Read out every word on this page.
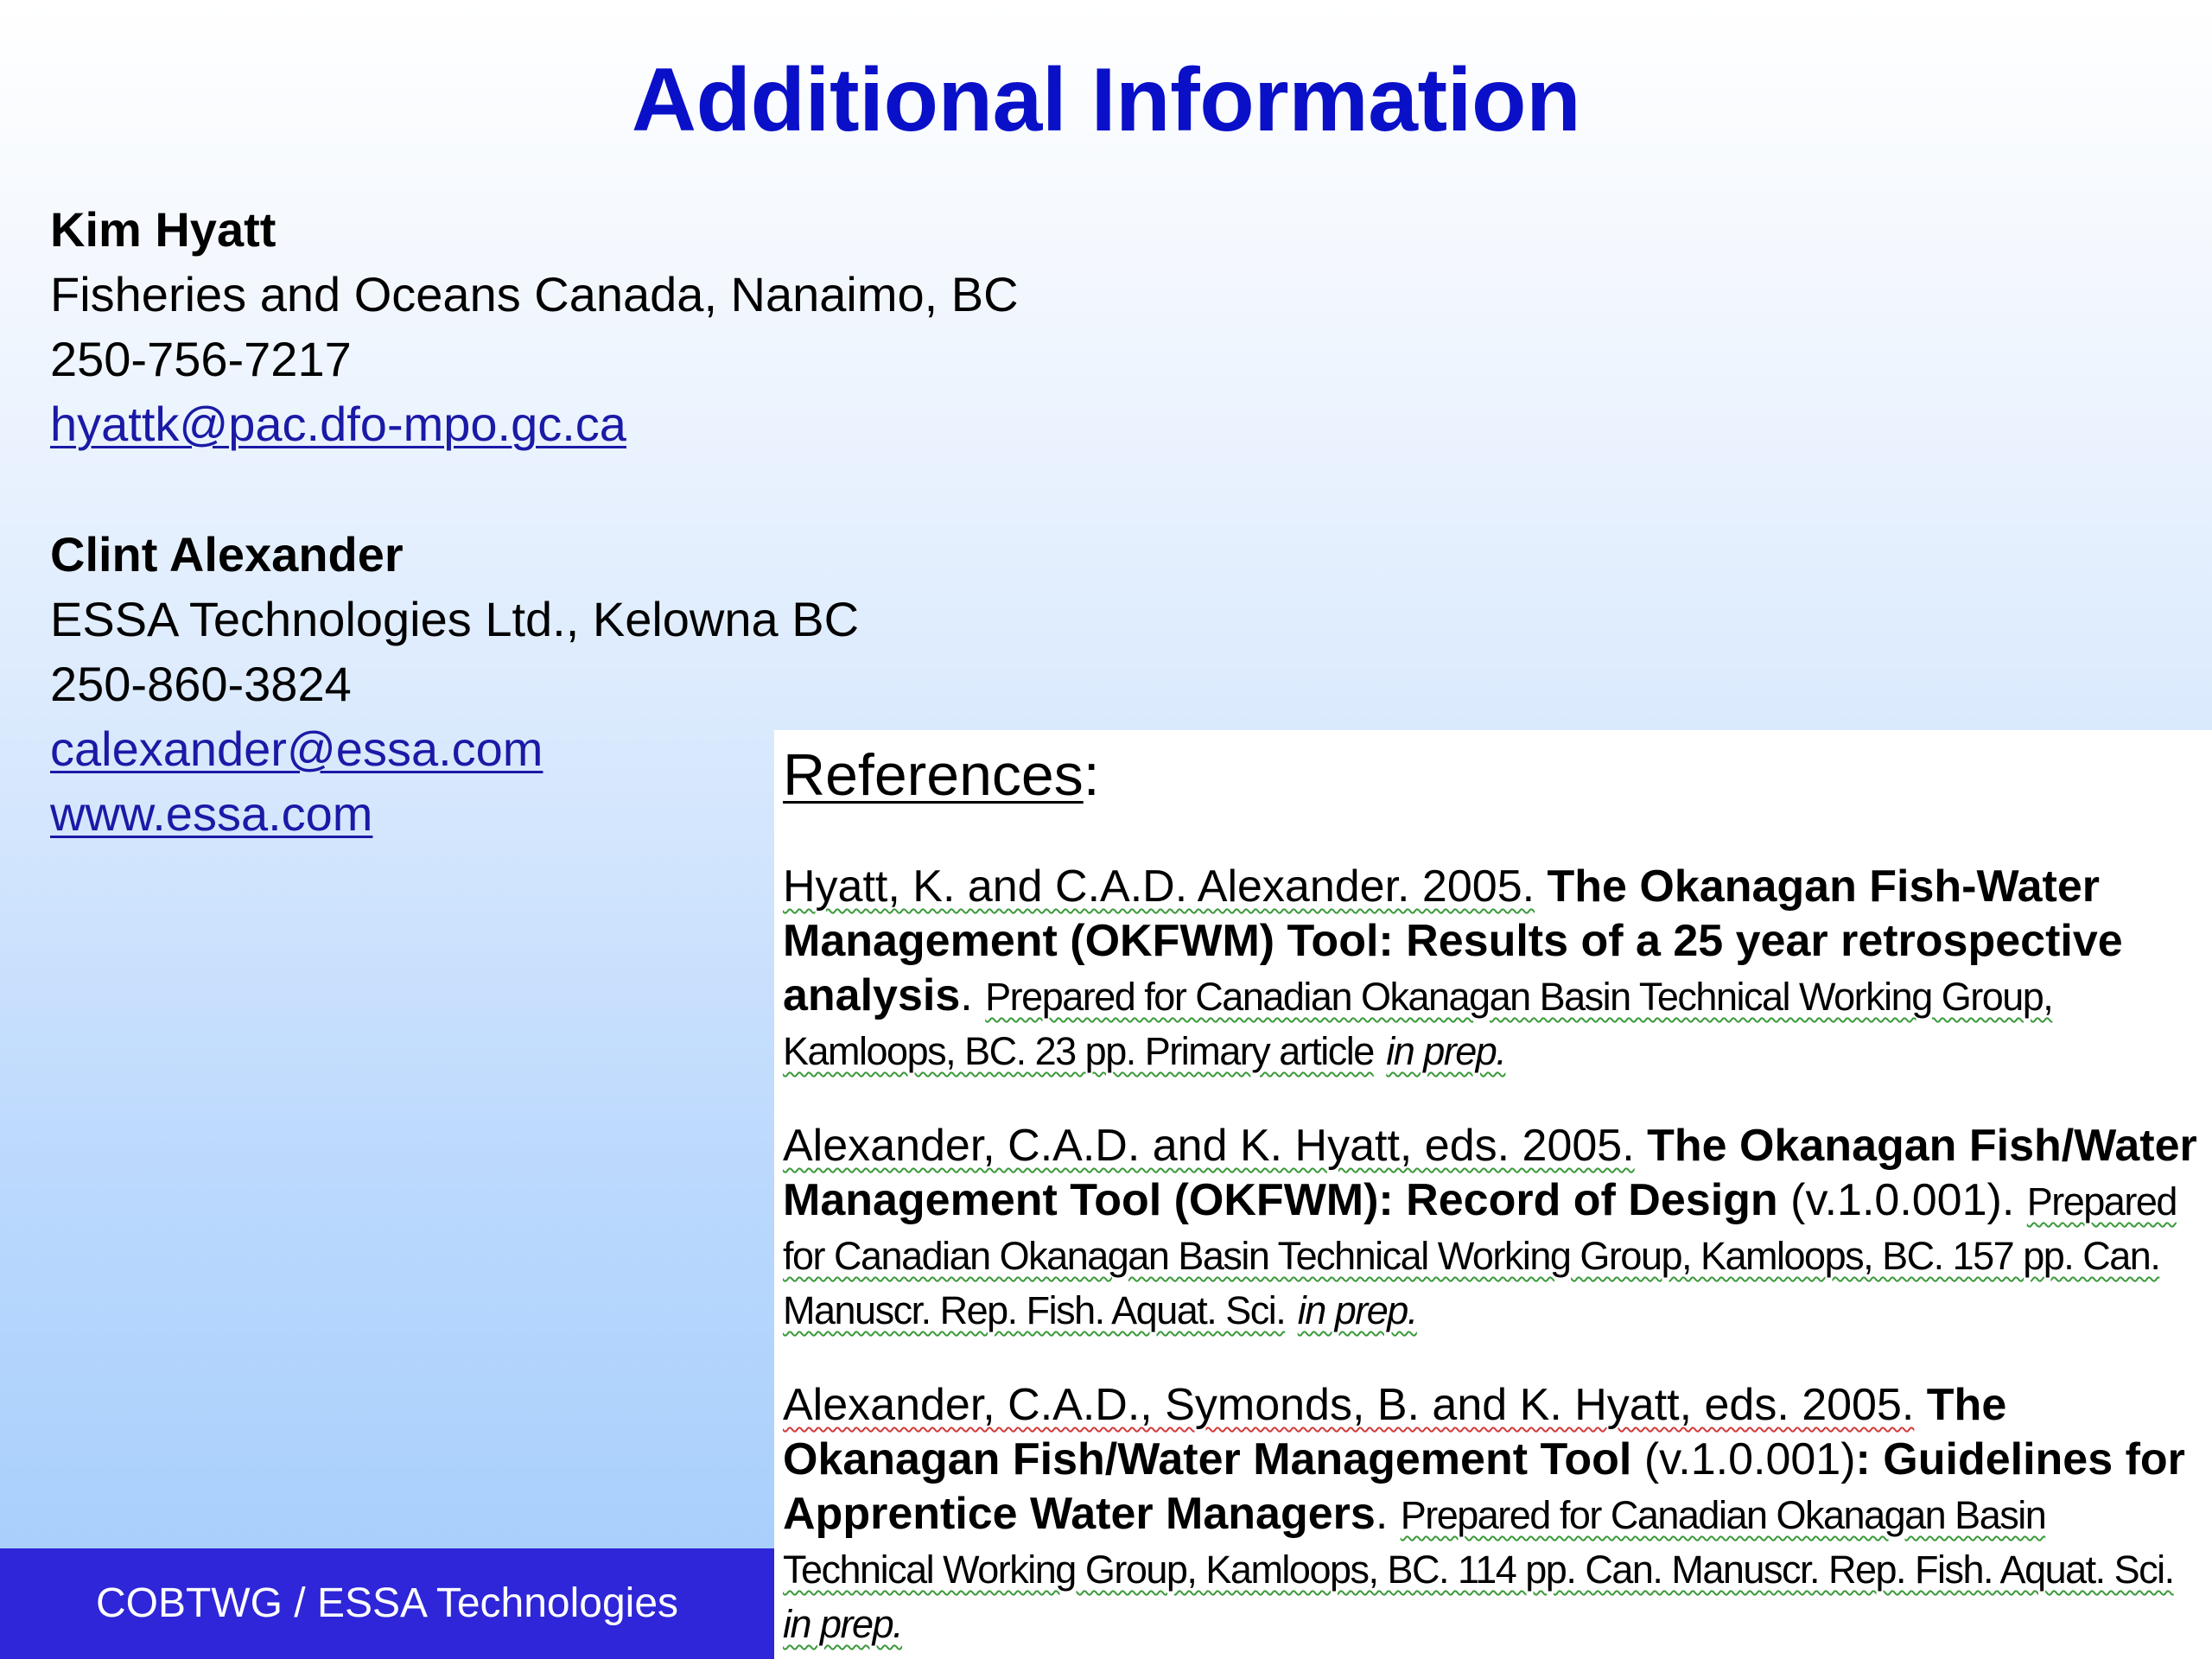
Additional Information
Kim Hyatt
Fisheries and Oceans Canada, Nanaimo, BC
250-756-7217
hyattk@pac.dfo-mpo.gc.ca
Clint Alexander
ESSA Technologies Ltd., Kelowna BC
250-860-3824
calexander@essa.com
www.essa.com
References:
Hyatt, K. and C.A.D. Alexander. 2005. The Okanagan Fish-Water Management (OKFWM) Tool: Results of a 25 year retrospective analysis. Prepared for Canadian Okanagan Basin Technical Working Group, Kamloops, BC. 23 pp. Primary article in prep.
Alexander, C.A.D. and K. Hyatt, eds. 2005. The Okanagan Fish/Water Management Tool (OKFWM): Record of Design (v.1.0.001). Prepared for Canadian Okanagan Basin Technical Working Group, Kamloops, BC. 157 pp. Can. Manuscr. Rep. Fish. Aquat. Sci. in prep.
Alexander, C.A.D., Symonds, B. and K. Hyatt, eds. 2005. The Okanagan Fish/Water Management Tool (v.1.0.001): Guidelines for Apprentice Water Managers. Prepared for Canadian Okanagan Basin Technical Working Group, Kamloops, BC. 114 pp. Can. Manuscr. Rep. Fish. Aquat. Sci. in prep.
COBTWG / ESSA Technologies
